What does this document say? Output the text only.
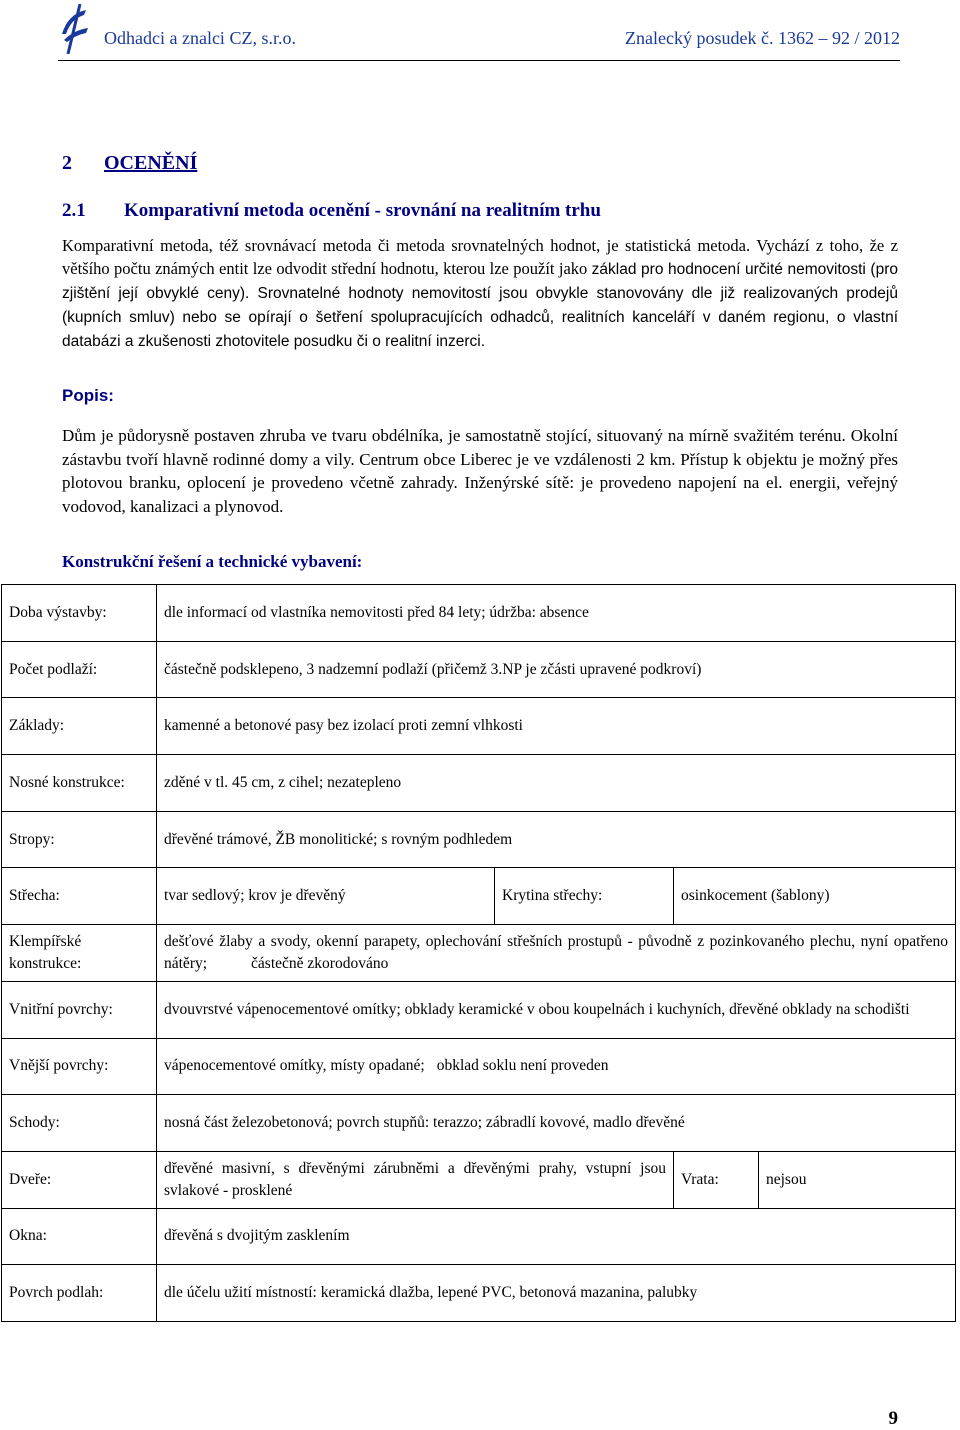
Odhadci a znalci CZ, s.r.o.	Znalecký posudek č. 1362 – 92 / 2012
2 OCENĚNÍ
2.1 Komparativní metoda ocenění - srovnání na realitním trhu
Komparativní metoda, též srovnávací metoda či metoda srovnatelných hodnot, je statistická metoda. Vychází z toho, že z většího počtu známých entit lze odvodit střední hodnotu, kterou lze použít jako základ pro hodnocení určité nemovitosti (pro zjištění její obvyklé ceny). Srovnatelné hodnoty nemovitostí jsou obvykle stanovovány dle již realizovaných prodejů (kupních smluv) nebo se opírají o šetření spolupracujících odhadců, realitních kanceláří v daném regionu, o vlastní databázi a zkušenosti zhotovitele posudku či o realitní inzerci.
Popis:
Dům je půdorysně postaven zhruba ve tvaru obdélníka, je samostatně stojící, situovaný na mírně svažitém terénu. Okolní zástavbu tvoří hlavně rodinné domy a vily. Centrum obce Liberec je ve vzdálenosti 2 km. Přístup k objektu je možný přes plotovou branku, oplocení je provedeno včetně zahrady. Inženýrské sítě: je provedeno napojení na el. energii, veřejný vodovod, kanalizaci a plynovod.
Konstrukční řešení a technické vybavení:
Doba výstavby:	dle informací od vlastníka nemovitosti před 84 lety; údržba: absence			
Počet podlaží:	částečně podsklepeno, 3 nadzemní podlaží (přičemž 3.NP je zčásti upravené podkroví)			
Základy:	kamenné a betonové pasy bez izolací proti zemní vlhkosti			
Nosné konstrukce:	zděné v tl. 45 cm, z cihel; nezatepleno			
Stropy:	dřevěné trámové, ŽB monolitické; s rovným podhledem			
Střecha:	tvar sedlový; krov je dřevěný	Krytina střechy:	osinkocement (šablony)	
Klempířské konstrukce:	dešťové žlaby a svody, okenní parapety, oplechování střešních prostupů - původně z pozinkovaného plechu, nyní opatřeno nátěry; částečně zkorodováno			
Vnitřní povrchy:	dvouvrstvé vápenocementové omítky; obklady keramické v obou koupelnách i kuchyních, dřevěné obklady na schodišti			
Vnější povrchy:	vápenocementové omítky, místy opadané; obklad soklu není proveden			
Schody:	nosná část železobetonová; povrch stupňů: terazzo; zábradlí kovové, madlo dřevěné			
Dveře:	dřevěné masivní, s dřevěnými zárubněmi a dřevěnými prahy, vstupní jsou svlakové - prosklené		Vrata:	nejsou
Okna:	dřevěná s dvojitým zasklením			
Povrch podlah:	dle účelu užití místností: keramická dlažba, lepené PVC, betonová mazanina, palubky			
9
